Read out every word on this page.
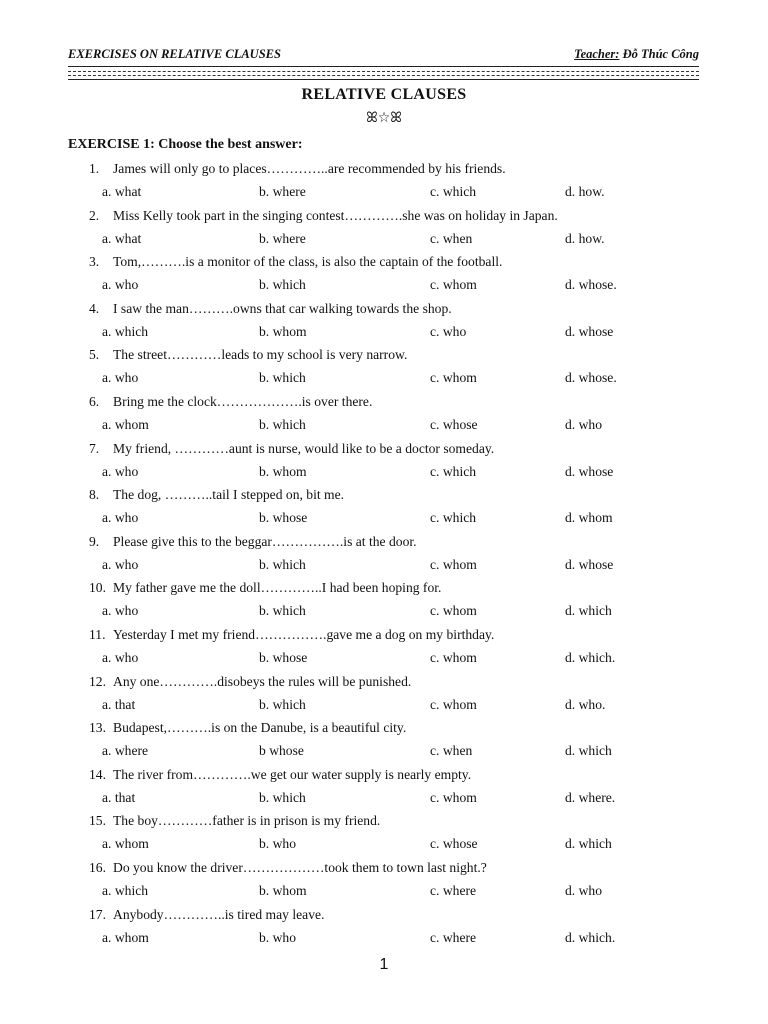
EXERCISES ON RELATIVE CLAUSES	Teacher: Đỗ Thúc Công
RELATIVE CLAUSES
ꕤ☆ꕤ
EXERCISE 1: Choose the best answer:
1. James will only go to places…………..are recommended by his friends.
a. what	b. where	c. which	d. how.
2. Miss Kelly took part in the singing contest………….she was on holiday in Japan.
a. what	b. where	c. when	d. how.
3. Tom,……….is a monitor of the class, is also the captain of the football.
a. who	b. which	c. whom	d. whose.
4. I saw the man……….owns that car walking towards the shop.
a. which	b. whom	c. who	d. whose
5. The street…………leads to my school is very narrow.
a. who	b. which	c. whom	d. whose.
6. Bring me the clock……………….is over there.
a. whom	b. which	c. whose	d. who
7. My friend, …………aunt is nurse, would like to be a doctor someday.
a. who	b. whom	c. which	d. whose
8. The dog, ………..tail I stepped on, bit me.
a. who	b. whose	c. which	d. whom
9. Please give this to the beggar…………….is at the door.
a. who	b. which	c. whom	d. whose
10. My father gave me the doll…………..I had been hoping for.
a. who	b. which	c. whom	d. which
11. Yesterday I met my friend…………….gave me a dog on my birthday.
a. who	b. whose	c. whom	d. which.
12. Any one………….disobeys the rules will be punished.
a. that	b. which	c. whom	d. who.
13. Budapest,……….is on the Danube, is a beautiful city.
a. where	b whose	c. when	d. which
14. The river from………….we get our water supply is nearly empty.
a. that	b. which	c. whom	d. where.
15. The boy…………father is in prison is my friend.
a. whom	b. who	c. whose	d. which
16. Do you know the driver………………took them to town last night.?
a. which	b. whom	c. where	d. who
17. Anybody…………..is tired may leave.
a. whom	b. who	c. where	d. which.
1
